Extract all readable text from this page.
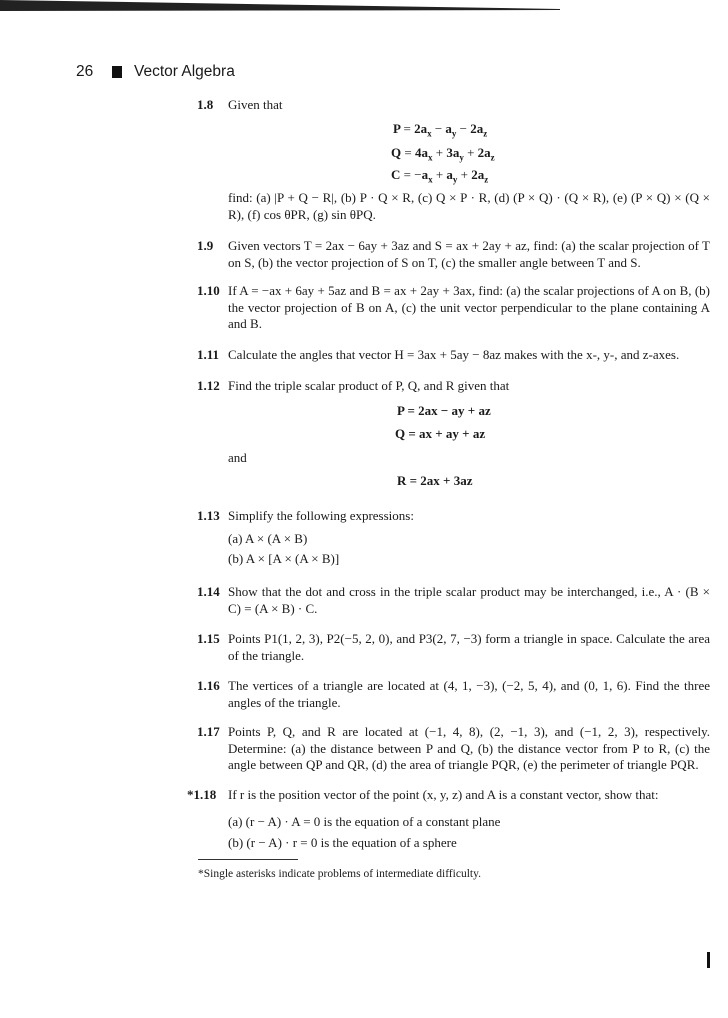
26	Vector Algebra
1.8 Given that
$P = 2a_x - a_y - 2a_z$
$Q = 4a_x + 3a_y + 2a_z$
$C = -a_x + a_y + 2a_z$
find: (a) |P + Q − R|, (b) P · Q × R, (c) Q × P · R, (d) (P × Q) · (Q × R), (e) (P × Q) × (Q × R), (f) cos θPR, (g) sin θPQ.
1.9 Given vectors T = 2ax − 6ay + 3az and S = ax + 2ay + az, find: (a) the scalar projection of T on S, (b) the vector projection of S on T, (c) the smaller angle between T and S.
1.10 If A = −ax + 6ay + 5az and B = ax + 2ay + 3ax, find: (a) the scalar projections of A on B, (b) the vector projection of B on A, (c) the unit vector perpendicular to the plane containing A and B.
1.11 Calculate the angles that vector H = 3ax + 5ay − 8az makes with the x-, y-, and z-axes.
1.12 Find the triple scalar product of P, Q, and R given that
P = 2ax − ay + az
Q = ax + ay + az
and
R = 2ax + 3az
1.13 Simplify the following expressions:
(a) A × (A × B)
(b) A × [A × (A × B)]
1.14 Show that the dot and cross in the triple scalar product may be interchanged, i.e., A · (B × C) = (A × B) · C.
1.15 Points P1(1, 2, 3), P2(−5, 2, 0), and P3(2, 7, −3) form a triangle in space. Calculate the area of the triangle.
1.16 The vertices of a triangle are located at (4, 1, −3), (−2, 5, 4), and (0, 1, 6). Find the three angles of the triangle.
1.17 Points P, Q, and R are located at (−1, 4, 8), (2, −1, 3), and (−1, 2, 3), respectively. Determine: (a) the distance between P and Q, (b) the distance vector from P to R, (c) the angle between QP and QR, (d) the area of triangle PQR, (e) the perimeter of triangle PQR.
*1.18 If r is the position vector of the point (x, y, z) and A is a constant vector, show that:
(a) (r − A) · A = 0 is the equation of a constant plane
(b) (r − A) · r = 0 is the equation of a sphere
*Single asterisks indicate problems of intermediate difficulty.
